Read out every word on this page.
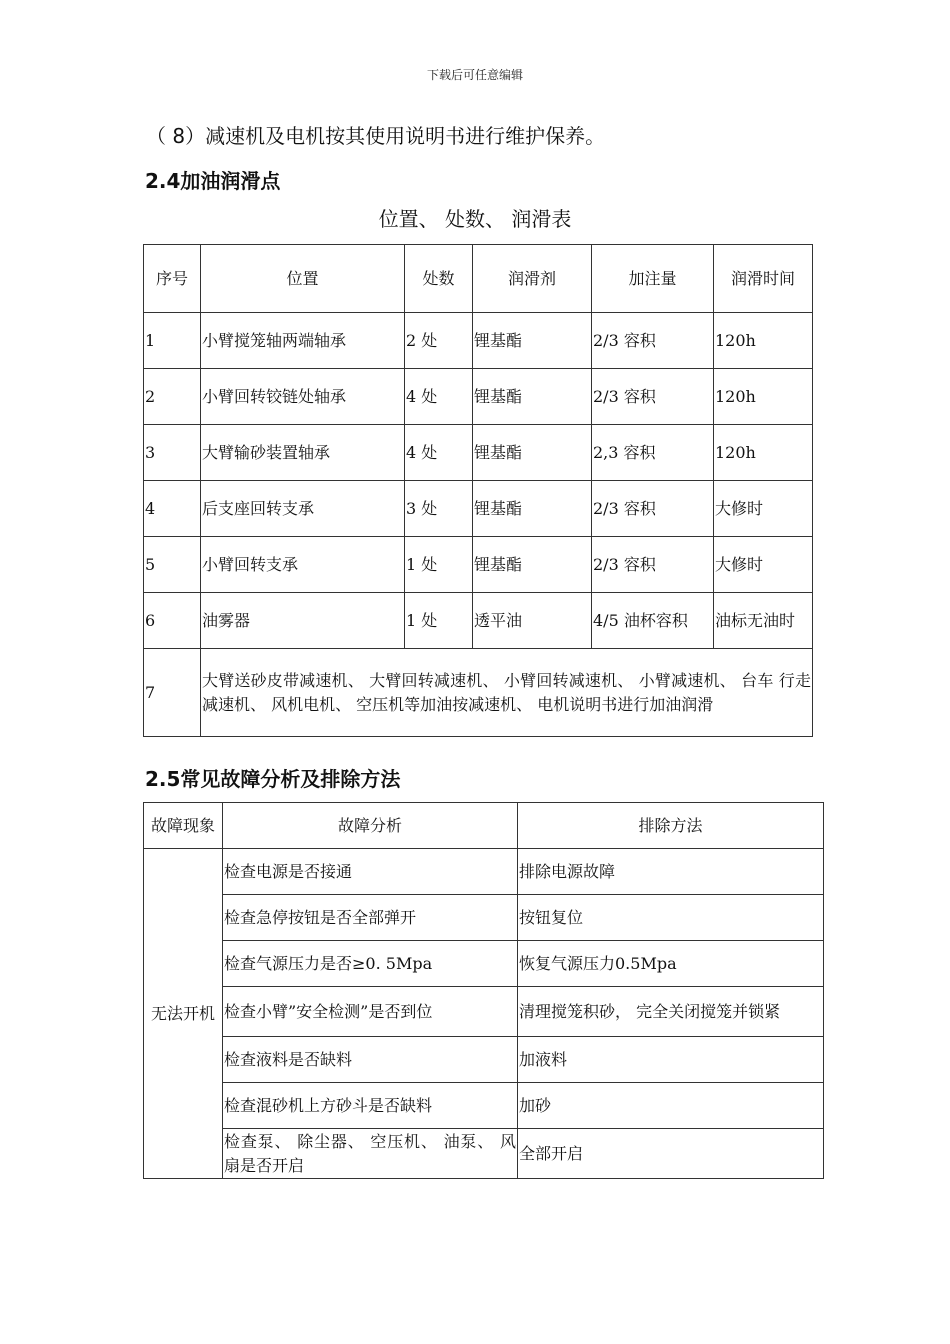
下载后可任意编辑
（ 8）减速机及电机按其使用说明书进行维护保养。
2.4加油润滑点
位置、 处数、 润滑表
序号	位置	处数	润滑剂	加注量	润滑时间
1	小臂搅笼轴两端轴承	2 处	锂基酯	2/3 容积	120h
2	小臂回转铰链处轴承	4 处	锂基酯	2/3 容积	120h
3	大臂输砂装置轴承	4 处	锂基酯	2,3 容积	120h
4	后支座回转支承	3 处	锂基酯	2/3 容积	大修时
5	小臂回转支承	1 处	锂基酯	2/3 容积	大修时
6	油雾器	1 处	透平油	4/5 油杯容积	油标无油时
7	大臂送砂皮带减速机、 大臂回转减速机、 小臂回转减速机、 小臂减速机、 台车 行走减速机、 风机电机、 空压机等加油按减速机、 电机说明书进行加油润滑				
2.5常见故障分析及排除方法
故障现象	故障分析	排除方法
无法开机	检查电源是否接通	排除电源故障
	检查急停按钮是否全部弹开	按钮复位
	检查气源压力是否≥0. 5Mpa	恢复气源压力0.5Mpa
	检查小臂”安全检测”是否到位	清理搅笼积砂， 完全关闭搅笼并锁紧
	检查液料是否缺料	加液料
	检查混砂机上方砂斗是否缺料	加砂
	检查泵、 除尘器、 空压机、 油泵、 风扇是否开启	全部开启
